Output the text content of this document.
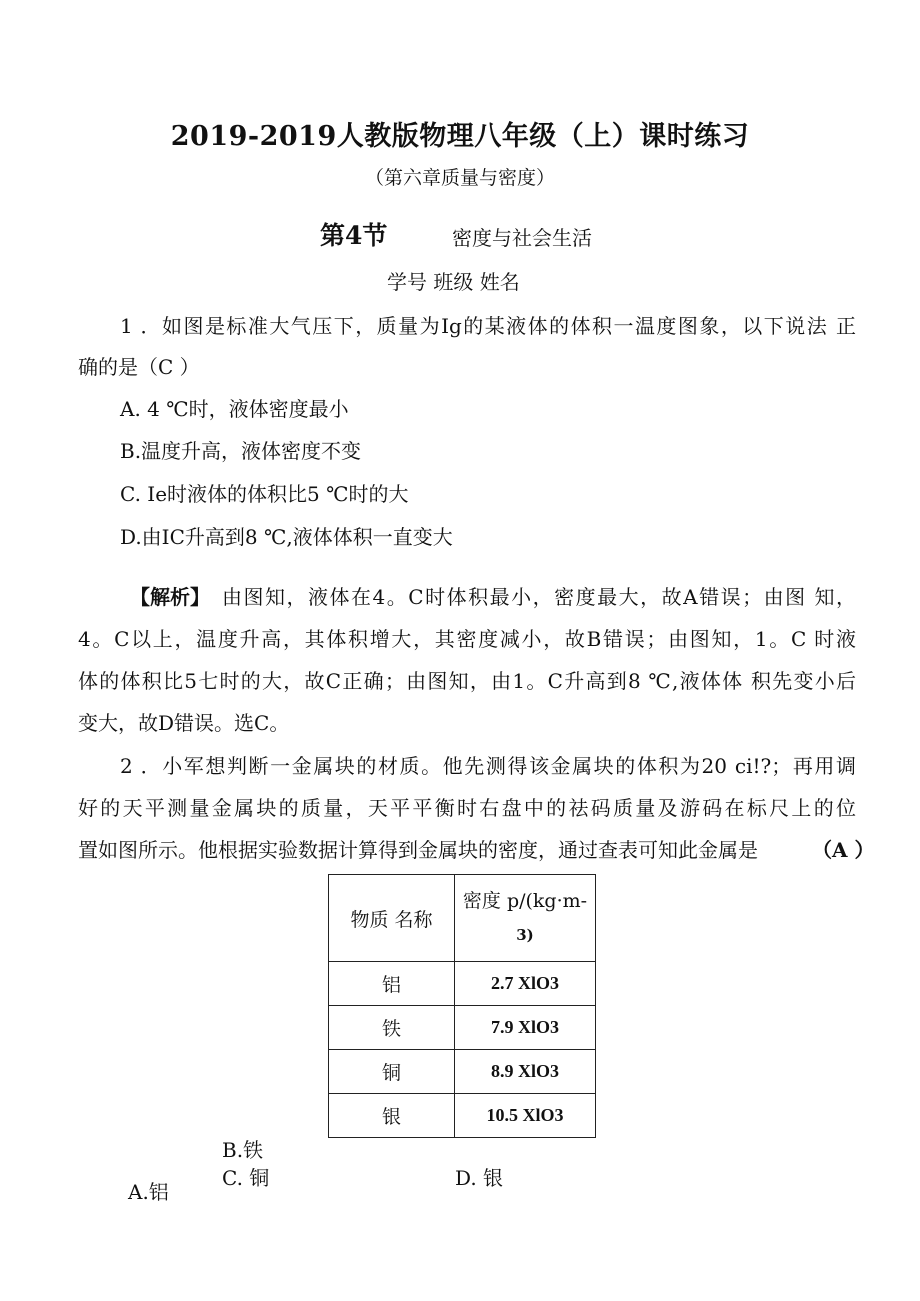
2019-2019人教版物理八年级（上）课时练习
（第六章质量与密度）
第4节	密度与社会生活
学号 班级 姓名
1 ．如图是标准大气压下，质量为Ig的某液体的体积一温度图象，以下说法 正
确的是（C ）
A. 4 ℃时，液体密度最小
B.温度升高，液体密度不变
C. Ie时液体的体积比5 ℃时的大
D.由IC升高到8 ℃,液体体积一直变大
【解析】 由图知，液体在4。C时体积最小，密度最大，故A错误；由图 知，
4。C以上，温度升高，其体积增大，其密度减小，故B错误；由图知，1。C 时液
体的体积比5七时的大，故C正确；由图知，由1。C升高到8 ℃,液体体 积先变小后
变大，故D错误。选C。
2 ．小军想判断一金属块的材质。他先测得该金属块的体积为20 ci!?；再用调
好的天平测量金属块的质量，天平平衡时右盘中的祛码质量及游码在标尺上的位
置如图所示。他根据实验数据计算得到金属块的密度，通过查表可知此金属是	（A ）
物质 名称	密度 p/(kg·m-
3)

铝	2.7 XlO3
铁	7.9 XlO3
铜	8.9 XlO3
银	10.5 XlO3
B.铁
C. 铜	D. 银
A.铝
